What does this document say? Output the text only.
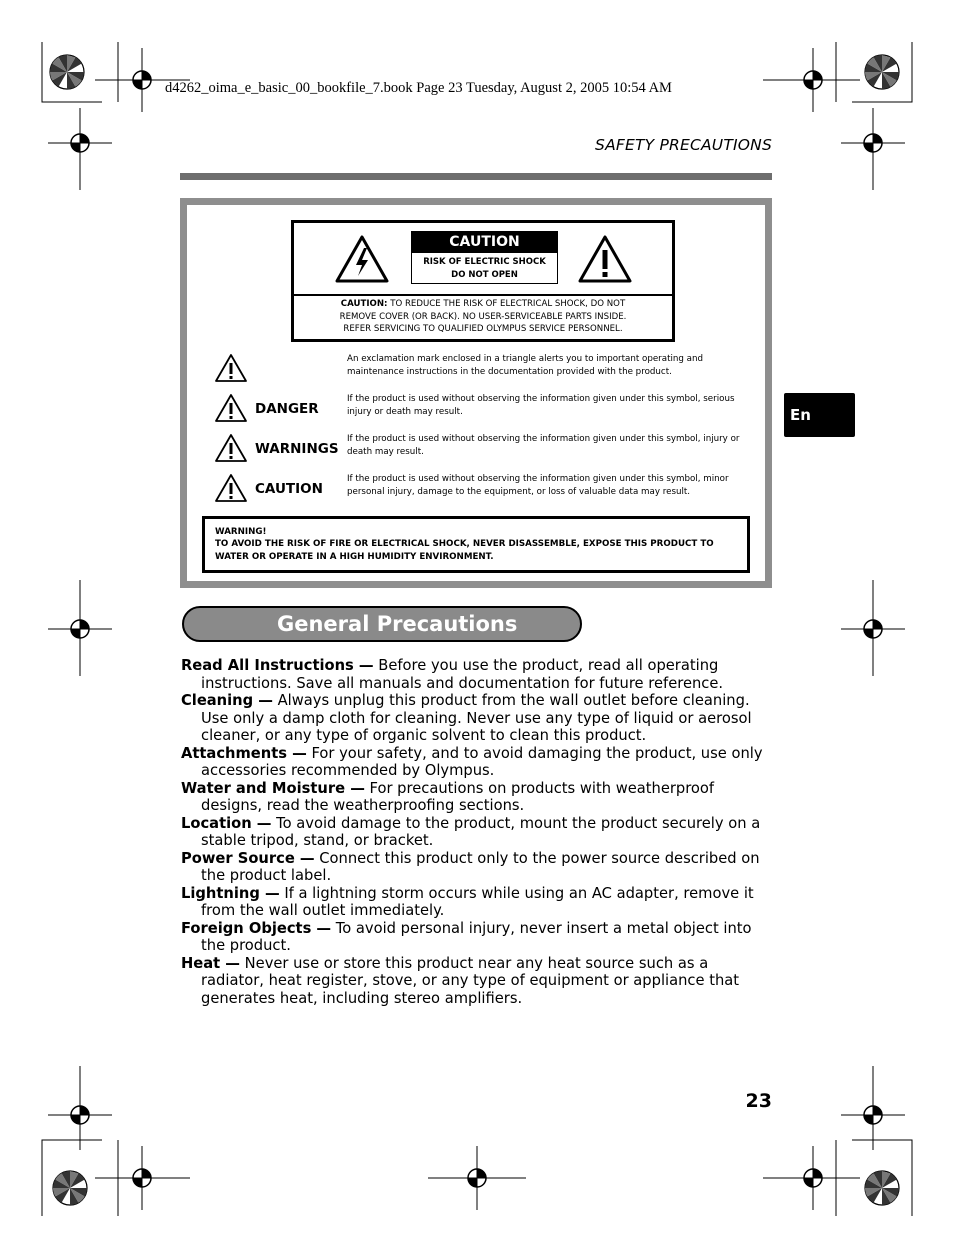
d4262_oima_e_basic_00_bookfile_7.book Page 23 Tuesday, August 2, 2005 10:54 AM
SAFETY PRECAUTIONS
CAUTION
RISK OF ELECTRIC SHOCK
DO NOT OPEN
CAUTION: TO REDUCE THE RISK OF ELECTRICAL SHOCK, DO NOT
REMOVE COVER (OR BACK). NO USER-SERVICEABLE PARTS INSIDE.
REFER SERVICING TO QUALIFIED OLYMPUS SERVICE PERSONNEL.
An exclamation mark enclosed in a triangle alerts you to important operating and maintenance instructions in the documentation provided with the product.
DANGER
If the product is used without observing the information given under this symbol, serious injury or death may result.
WARNINGS
If the product is used without observing the information given under this symbol, injury or death may result.
CAUTION
If the product is used without observing the information given under this symbol, minor personal injury, damage to the equipment, or loss of valuable data may result.
WARNING!
TO AVOID THE RISK OF FIRE OR ELECTRICAL SHOCK, NEVER DISASSEMBLE, EXPOSE THIS PRODUCT TO WATER OR OPERATE IN A HIGH HUMIDITY ENVIRONMENT.
General Precautions
Read All Instructions — Before you use the product, read all operating instructions. Save all manuals and documentation for future reference.
Cleaning — Always unplug this product from the wall outlet before cleaning. Use only a damp cloth for cleaning. Never use any type of liquid or aerosol cleaner, or any type of organic solvent to clean this product.
Attachments — For your safety, and to avoid damaging the product, use only accessories recommended by Olympus.
Water and Moisture — For precautions on products with weatherproof designs, read the weatherproofing sections.
Location — To avoid damage to the product, mount the product securely on a stable tripod, stand, or bracket.
Power Source — Connect this product only to the power source described on the product label.
Lightning — If a lightning storm occurs while using an AC adapter, remove it from the wall outlet immediately.
Foreign Objects — To avoid personal injury, never insert a metal object into the product.
Heat — Never use or store this product near any heat source such as a radiator, heat register, stove, or any type of equipment or appliance that generates heat, including stereo amplifiers.
En
23
